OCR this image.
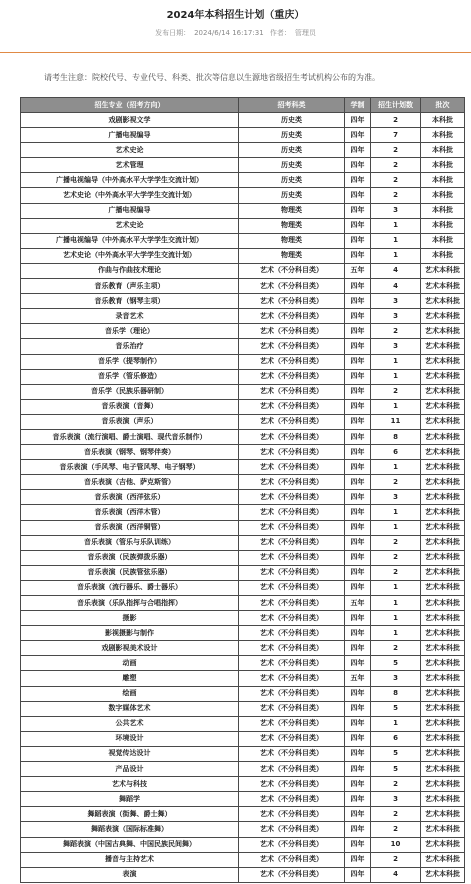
2024年本科招生计划（重庆）
发布日期： 2024/6/14 16:17:31 作者： 管理员
请考生注意：院校代号、专业代号、科类、批次等信息以生源地省级招生考试机构公布的为准。
招生专业（招考方向）	招考科类	学制	招生计划数	批次
戏剧影视文学	历史类	四年	2	本科批
广播电视编导	历史类	四年	7	本科批
艺术史论	历史类	四年	2	本科批
艺术管理	历史类	四年	2	本科批
广播电视编导（中外高水平大学学生交流计划）	历史类	四年	2	本科批
艺术史论（中外高水平大学学生交流计划）	历史类	四年	2	本科批
广播电视编导	物理类	四年	3	本科批
艺术史论	物理类	四年	1	本科批
广播电视编导（中外高水平大学学生交流计划）	物理类	四年	1	本科批
艺术史论（中外高水平大学学生交流计划）	物理类	四年	1	本科批
作曲与作曲技术理论	艺术（不分科目类）	五年	4	艺术本科批
音乐教育（声乐主项）	艺术（不分科目类）	四年	4	艺术本科批
音乐教育（钢琴主项）	艺术（不分科目类）	四年	3	艺术本科批
录音艺术	艺术（不分科目类）	四年	3	艺术本科批
音乐学（理论）	艺术（不分科目类）	四年	2	艺术本科批
音乐治疗	艺术（不分科目类）	四年	3	艺术本科批
音乐学（提琴制作）	艺术（不分科目类）	四年	1	艺术本科批
音乐学（管乐修造）	艺术（不分科目类）	四年	1	艺术本科批
音乐学（民族乐器研制）	艺术（不分科目类）	四年	2	艺术本科批
音乐表演（音舞）	艺术（不分科目类）	四年	1	艺术本科批
音乐表演（声乐）	艺术（不分科目类）	四年	11	艺术本科批
音乐表演（流行演唱、爵士演唱、现代音乐制作）	艺术（不分科目类）	四年	8	艺术本科批
音乐表演（钢琴、钢琴伴奏）	艺术（不分科目类）	四年	6	艺术本科批
音乐表演（手风琴、电子管风琴、电子钢琴）	艺术（不分科目类）	四年	1	艺术本科批
音乐表演（吉他、萨克斯管）	艺术（不分科目类）	四年	2	艺术本科批
音乐表演（西洋弦乐）	艺术（不分科目类）	四年	3	艺术本科批
音乐表演（西洋木管）	艺术（不分科目类）	四年	1	艺术本科批
音乐表演（西洋铜管）	艺术（不分科目类）	四年	1	艺术本科批
音乐表演（管乐与乐队训练）	艺术（不分科目类）	四年	2	艺术本科批
音乐表演（民族弹拨乐器）	艺术（不分科目类）	四年	2	艺术本科批
音乐表演（民族管弦乐器）	艺术（不分科目类）	四年	2	艺术本科批
音乐表演（流行器乐、爵士器乐）	艺术（不分科目类）	四年	1	艺术本科批
音乐表演（乐队指挥与合唱指挥）	艺术（不分科目类）	五年	1	艺术本科批
摄影	艺术（不分科目类）	四年	1	艺术本科批
影视摄影与制作	艺术（不分科目类）	四年	1	艺术本科批
戏剧影视美术设计	艺术（不分科目类）	四年	2	艺术本科批
动画	艺术（不分科目类）	四年	5	艺术本科批
雕塑	艺术（不分科目类）	五年	3	艺术本科批
绘画	艺术（不分科目类）	四年	8	艺术本科批
数字媒体艺术	艺术（不分科目类）	四年	5	艺术本科批
公共艺术	艺术（不分科目类）	四年	1	艺术本科批
环境设计	艺术（不分科目类）	四年	6	艺术本科批
视觉传达设计	艺术（不分科目类）	四年	5	艺术本科批
产品设计	艺术（不分科目类）	四年	5	艺术本科批
艺术与科技	艺术（不分科目类）	四年	2	艺术本科批
舞蹈学	艺术（不分科目类）	四年	3	艺术本科批
舞蹈表演（街舞、爵士舞）	艺术（不分科目类）	四年	2	艺术本科批
舞蹈表演（国际标准舞）	艺术（不分科目类）	四年	2	艺术本科批
舞蹈表演（中国古典舞、中国民族民间舞）	艺术（不分科目类）	四年	10	艺术本科批
播音与主持艺术	艺术（不分科目类）	四年	2	艺术本科批
表演	艺术（不分科目类）	四年	4	艺术本科批
